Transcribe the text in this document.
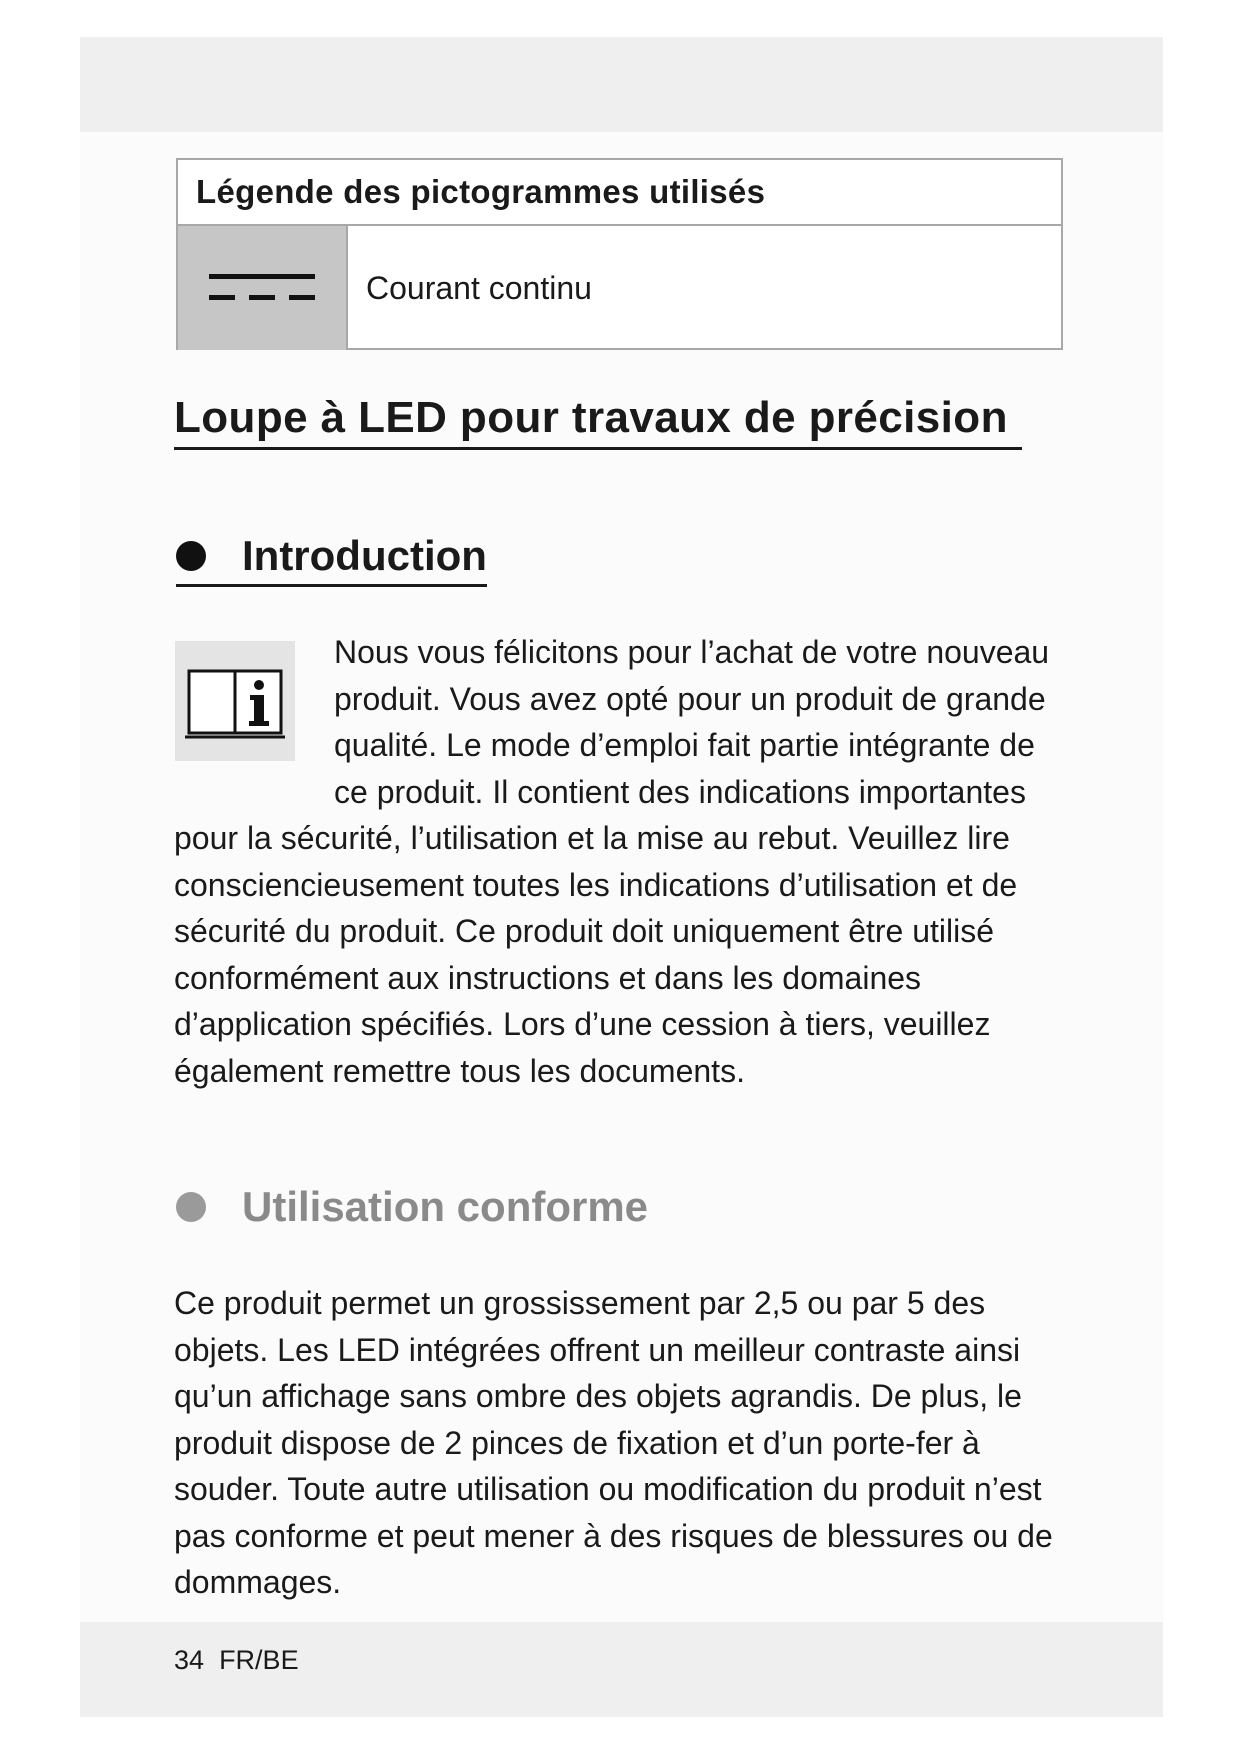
Légende des pictogrammes utilisés
Courant continu
Loupe à LED pour travaux de précision
Introduction

Nous vous félicitons pour l’achat de votre nouveau produit. Vous avez opté pour un produit de grande qualité. Le mode d’emploi fait partie intégrante de ce produit. Il contient des indications importantes pour la sécurité, l’utilisation et la mise au rebut. Veuillez lire consciencieusement toutes les indications d’utilisation et de sécurité du produit. Ce produit doit uniquement être utilisé conformément aux instructions et dans les domaines d’application spécifiés. Lors d’une cession à tiers, veuillez également remettre tous les documents.

Utilisation conforme

Ce produit permet un grossissement par 2,5 ou par 5 des objets. Les LED intégrées offrent un meilleur contraste ainsi qu’un affichage sans ombre des objets agrandis. De plus, le produit dispose de 2 pinces de fixation et d’un porte-fer à souder. Toute autre utilisation ou modification du produit n’est pas conforme et peut mener à des risques de blessures ou de dommages.

34 FR/BE
